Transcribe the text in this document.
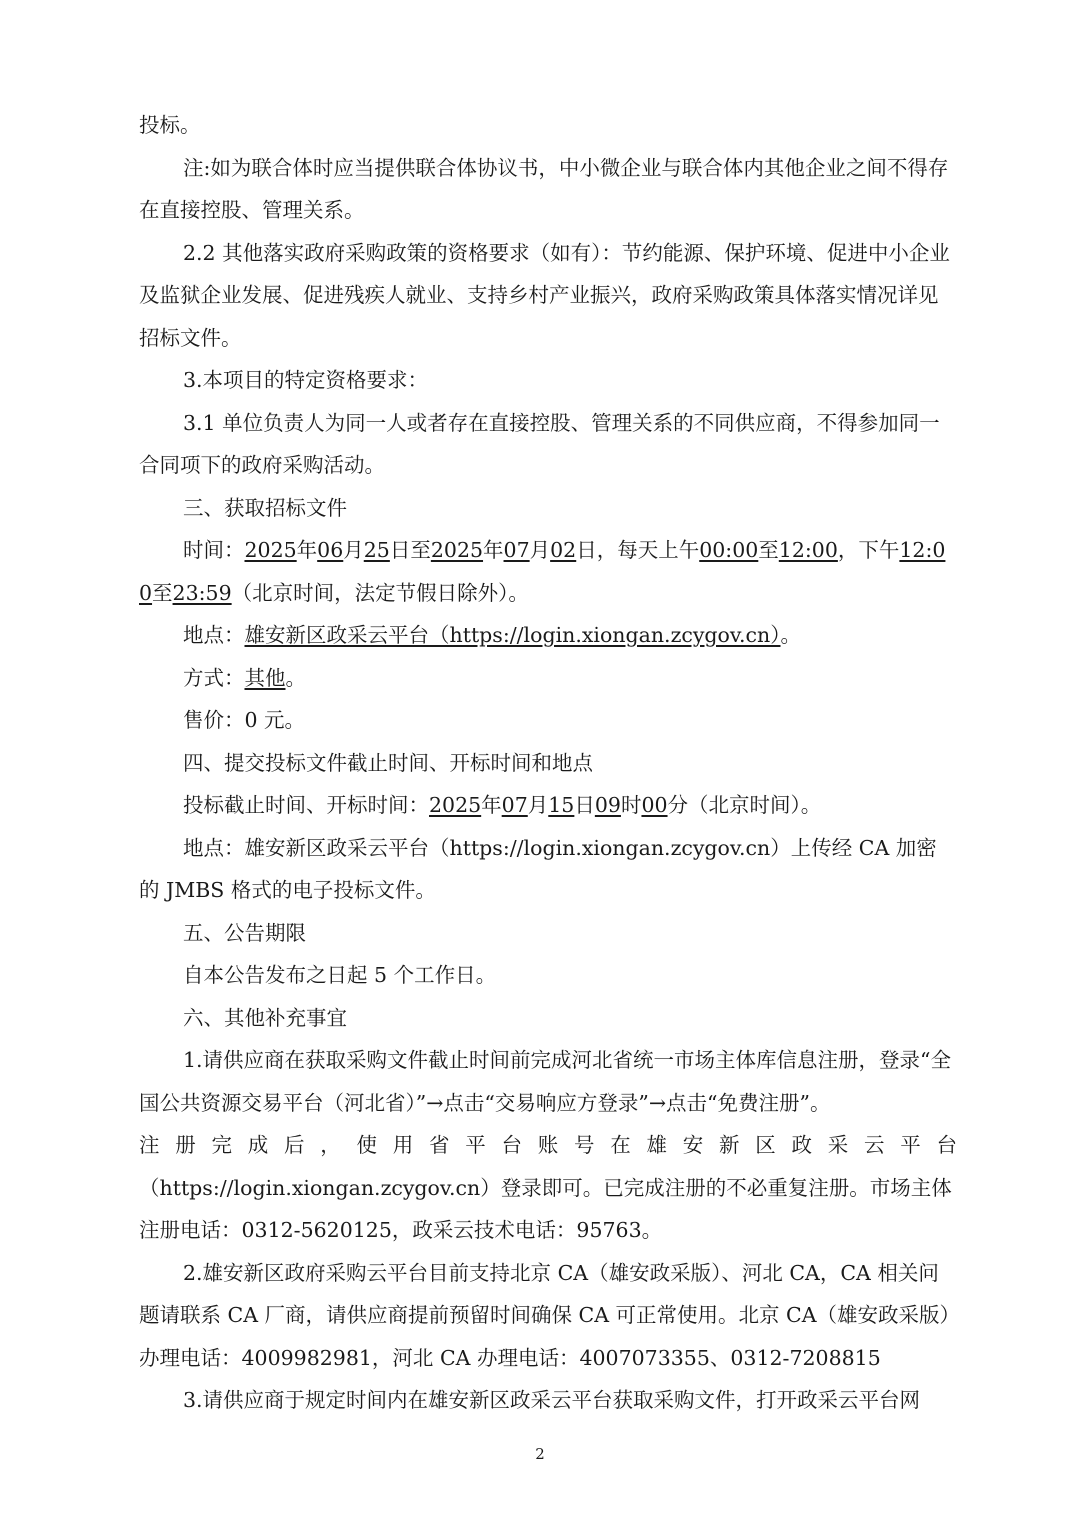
投标。

注:如为联合体时应当提供联合体协议书，中小微企业与联合体内其他企业之间不得存在直接控股、管理关系。

2.2 其他落实政府采购政策的资格要求（如有）：节约能源、保护环境、促进中小企业及监狱企业发展、促进残疾人就业、支持乡村产业振兴，政府采购政策具体落实情况详见招标文件。

3.本项目的特定资格要求：

3.1 单位负责人为同一人或者存在直接控股、管理关系的不同供应商，不得参加同一合同项下的政府采购活动。

三、获取招标文件

时间：2025年06月25日至2025年07月02日，每天上午00:00至12:00，下午12:00至23:59（北京时间，法定节假日除外）。

地点：雄安新区政采云平台（https://login.xiongan.zcygov.cn）。

方式：其他。

售价：0 元。

四、提交投标文件截止时间、开标时间和地点

投标截止时间、开标时间：2025年07月15日09时00分（北京时间）。

地点：雄安新区政采云平台（https://login.xiongan.zcygov.cn）上传经 CA 加密的 JMBS 格式的电子投标文件。

五、公告期限

自本公告发布之日起 5 个工作日。

六、其他补充事宜

1.请供应商在获取采购文件截止时间前完成河北省统一市场主体库信息注册，登录“全国公共资源交易平台（河北省）”→点击“交易响应方登录”→点击“免费注册”。

注 册 完 成 后 ， 使 用 省 平 台 账 号 在 雄 安 新 区 政 采 云 平 台

（https://login.xiongan.zcygov.cn）登录即可。已完成注册的不必重复注册。市场主体注册电话：0312-5620125，政采云技术电话：95763。

2.雄安新区政府采购云平台目前支持北京 CA（雄安政采版）、河北 CA，CA 相关问题请联系 CA 厂商，请供应商提前预留时间确保 CA 可正常使用。北京 CA（雄安政采版）办理电话：4009982981，河北 CA 办理电话：4007073355、0312-7208815

3.请供应商于规定时间内在雄安新区政采云平台获取采购文件，打开政采云平台网

2
